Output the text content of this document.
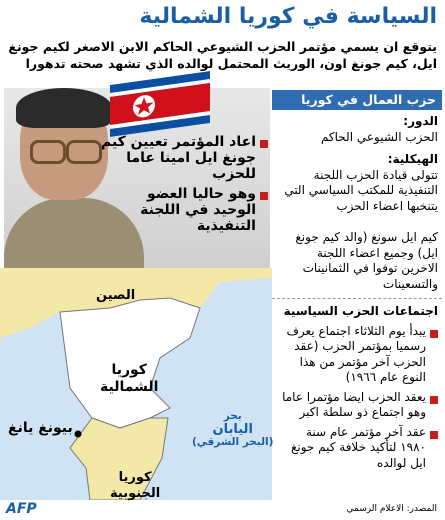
السياسة في كوريا الشمالية
يتوقع ان يسمي مؤتمر الحزب الشيوعي الحاكم الابن الاصغر لكيم جونغ ايل، كيم جونغ اون، الوريث المحتمل لوالده الذي تشهد صحته تدهورا
اعاد المؤتمر تعيين كيم جونغ ايل امينا عاما للحزب
وهو حاليا العضو الوحيد في اللجنة التنفيذية
حزب العمال في كوريا
الدور:
الحزب الشيوعي الحاكم
الهيكلية:
تتولى قيادة الحزب اللجنة التنفيذية للمكتب السياسي التي يتنخبها اعضاء الحزب
كيم ايل سونغ (والد كيم جونغ ايل) وجميع اعضاء اللجنة الاخرين توفوا في الثمانينات والتسعينات
اجتماعات الحزب السياسية
يبدأ يوم الثلاثاء اجتماع يعرف رسميا بمؤتمر الحزب (عقد الحزب آخر مؤتمر من هذا النوع عام ١٩٦٦)
يعقد الحزب ايضا مؤتمرا عاما وهو اجتماع ذو سلطة اكبر
عقد آخر مؤتمر عام سنة ١٩٨٠ لتأكيد خلافة كيم جونغ ايل لوالده
الصين
كوريا
الشمالية
بيونغ يانغ
بحر
اليابان
(البحر الشرقي)
كوريا
الجنوبية
المصدر: الاعلام الرسمي
AFP
